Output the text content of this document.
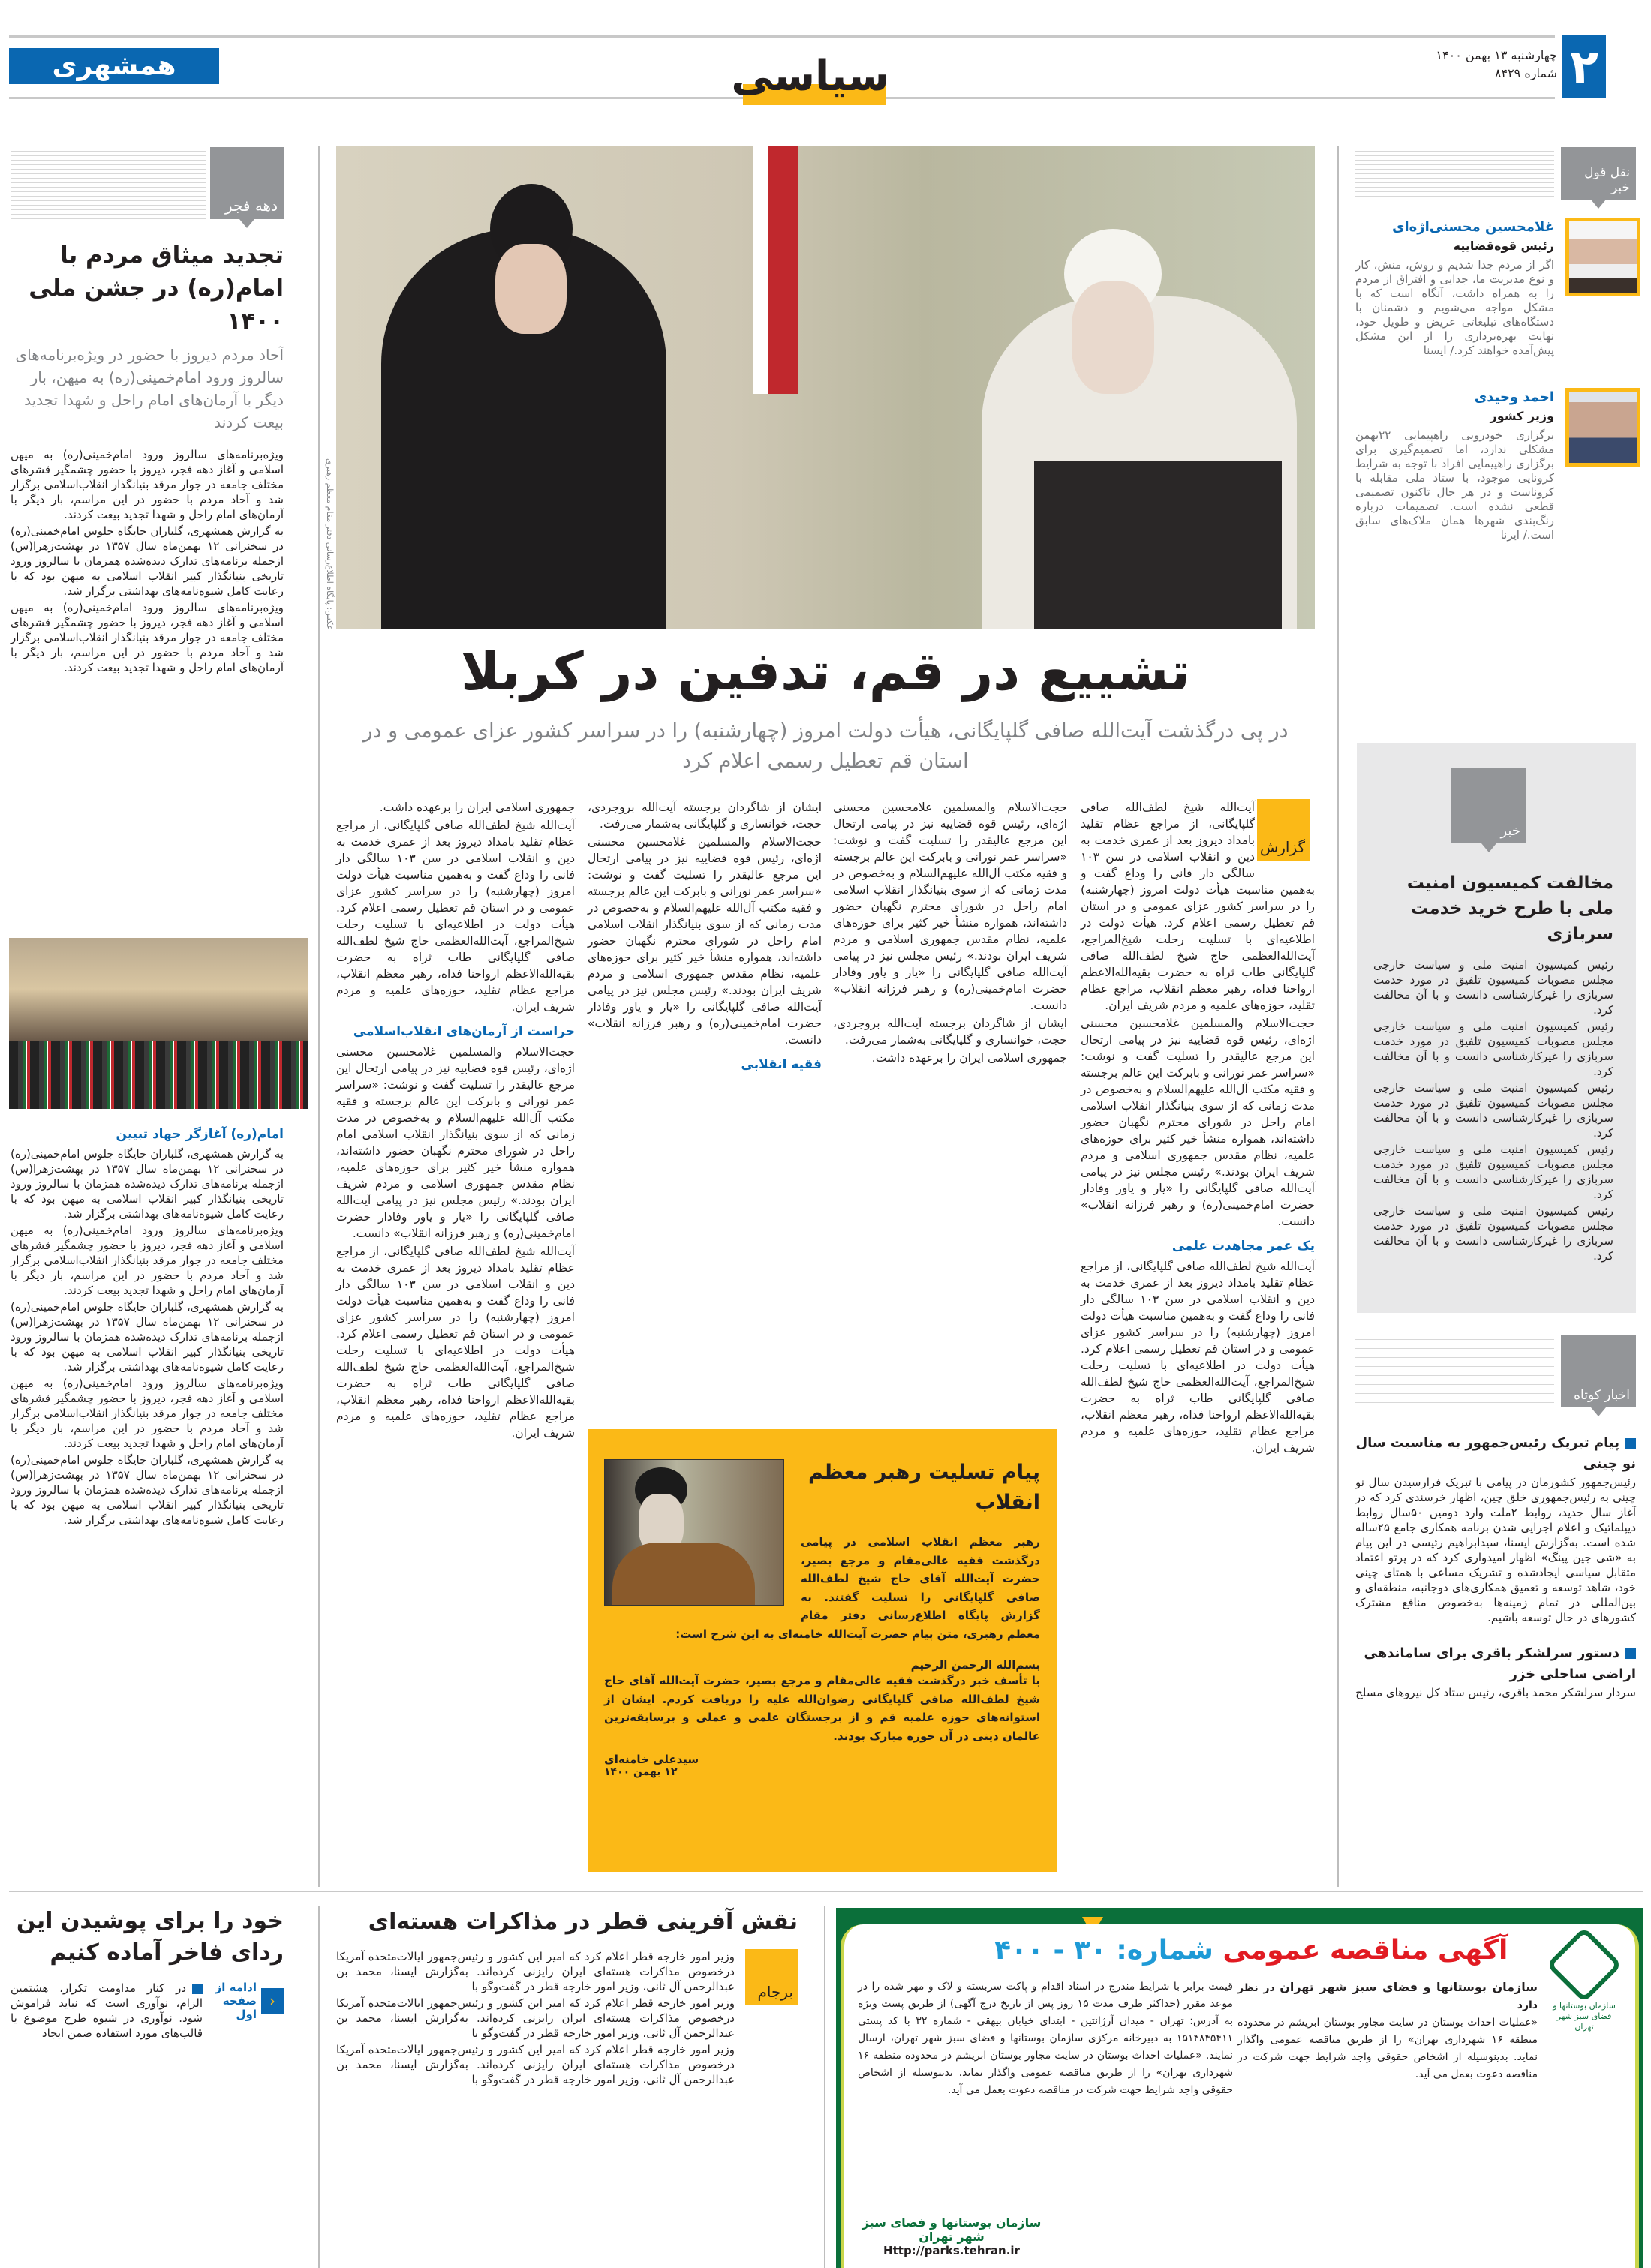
۲
چهارشنبه ۱۳ بهمن ۱۴۰۰
شماره ۸۴۲۹
سیاسی
همشهری
دهه فجر
تجدید میثاق مردم با امام(ره) در جشن ملی ۱۴۰۰
آحاد مردم دیروز با حضور در ویژه‌برنامه‌های سالروز ورود امام‌خمینی(ره) به میهن، بار دیگر با آرمان‌های امام راحل و شهدا تجدید بیعت کردند

ویژه‌برنامه‌های سالروز ورود امام‌خمینی(ره) به میهن اسلامی و آغاز دهه فجر، دیروز با حضور چشمگیر قشرهای مختلف جامعه در جوار مرقد بنیانگذار انقلاب‌اسلامی برگزار شد و آحاد مردم با حضور در این مراسم، بار دیگر با آرمان‌های امام راحل و شهدا تجدید بیعت کردند.

به گزارش همشهری، گلباران جایگاه جلوس امام‌خمینی(ره) در سخنرانی ۱۲ بهمن‌ماه سال ۱۳۵۷ در بهشت‌زهرا(س) ازجمله برنامه‌های تدارک دیده‌شده همزمان با سالروز ورود تاریخی بنیانگذار کبیر انقلاب اسلامی به میهن بود که با رعایت کامل شیوه‌نامه‌های بهداشتی برگزار شد.

ویژه‌برنامه‌های سالروز ورود امام‌خمینی(ره) به میهن اسلامی و آغاز دهه فجر، دیروز با حضور چشمگیر قشرهای مختلف جامعه در جوار مرقد بنیانگذار انقلاب‌اسلامی برگزار شد و آحاد مردم با حضور در این مراسم، بار دیگر با آرمان‌های امام راحل و شهدا تجدید بیعت کردند.

امام(ره) آغازگر جهاد تبیین

به گزارش همشهری، گلباران جایگاه جلوس امام‌خمینی(ره) در سخنرانی ۱۲ بهمن‌ماه سال ۱۳۵۷ در بهشت‌زهرا(س) ازجمله برنامه‌های تدارک دیده‌شده همزمان با سالروز ورود تاریخی بنیانگذار کبیر انقلاب اسلامی به میهن بود که با رعایت کامل شیوه‌نامه‌های بهداشتی برگزار شد.

ویژه‌برنامه‌های سالروز ورود امام‌خمینی(ره) به میهن اسلامی و آغاز دهه فجر، دیروز با حضور چشمگیر قشرهای مختلف جامعه در جوار مرقد بنیانگذار انقلاب‌اسلامی برگزار شد و آحاد مردم با حضور در این مراسم، بار دیگر با آرمان‌های امام راحل و شهدا تجدید بیعت کردند.

به گزارش همشهری، گلباران جایگاه جلوس امام‌خمینی(ره) در سخنرانی ۱۲ بهمن‌ماه سال ۱۳۵۷ در بهشت‌زهرا(س) ازجمله برنامه‌های تدارک دیده‌شده همزمان با سالروز ورود تاریخی بنیانگذار کبیر انقلاب اسلامی به میهن بود که با رعایت کامل شیوه‌نامه‌های بهداشتی برگزار شد.

ویژه‌برنامه‌های سالروز ورود امام‌خمینی(ره) به میهن اسلامی و آغاز دهه فجر، دیروز با حضور چشمگیر قشرهای مختلف جامعه در جوار مرقد بنیانگذار انقلاب‌اسلامی برگزار شد و آحاد مردم با حضور در این مراسم، بار دیگر با آرمان‌های امام راحل و شهدا تجدید بیعت کردند.

به گزارش همشهری، گلباران جایگاه جلوس امام‌خمینی(ره) در سخنرانی ۱۲ بهمن‌ماه سال ۱۳۵۷ در بهشت‌زهرا(س) ازجمله برنامه‌های تدارک دیده‌شده همزمان با سالروز ورود تاریخی بنیانگذار کبیر انقلاب اسلامی به میهن بود که با رعایت کامل شیوه‌نامه‌های بهداشتی برگزار شد.

خود را برای پوشیدن این ردای فاخر آماده کنیم
‹
ادامه از صفحه اول
در کنار مداومت تکرار، هشتمین الزام، نوآوری است که نباید فراموش شود. نوآوری در شیوه طرح موضوع یا قالب‌های مورد استفاده ضمن ایجاد
عکس: پایگاه اطلاع‌رسانی دفتر مقام معظم رهبری
تشییع در قم، تدفین در کربلا
در پی درگذشت آیت‌الله صافی گلپایگانی، هیأت دولت امروز (چهارشنبه) را در سراسر کشور عزای عمومی و در استان قم تعطیل رسمی اعلام کرد
گزارش

آیت‌الله شیخ لطف‌الله صافی گلپایگانی، از مراجع عظام تقلید بامداد دیروز بعد از عمری خدمت به دین و انقلاب اسلامی در سن ۱۰۳ سالگی دار فانی را وداع گفت و به‌همین مناسبت هیأت دولت امروز (چهارشنبه) را در سراسر کشور عزای عمومی و در استان قم تعطیل رسمی اعلام کرد. هیأت دولت در اطلاعیه‌ای با تسلیت رحلت شیخ‌المراجع، آیت‌الله‌العظمی حاج شیخ لطف‌الله صافی گلپایگانی طاب ثراه به حضرت بقیه‌الله‌الاعظم ارواحنا فداه، رهبر معظم انقلاب، مراجع عظام تقلید، حوزه‌های علمیه و مردم شریف ایران.

حجت‌الاسلام والمسلمین غلامحسین محسنی اژه‌ای، رئیس قوه قضاییه نیز در پیامی ارتحال این مرجع عالیقدر را تسلیت گفت و نوشت: «سراسر عمر نورانی و بابرکت این عالم برجسته و فقیه مکتب آل‌الله علیهم‌السلام و به‌خصوص در مدت زمانی که از سوی بنیانگذار انقلاب اسلامی امام راحل در شورای محترم نگهبان حضور داشته‌اند، همواره منشأ خیر کثیر برای حوزه‌های علمیه، نظام مقدس جمهوری اسلامی و مردم شریف ایران بودند.» رئیس مجلس نیز در پیامی آیت‌الله صافی گلپایگانی را «یار و یاور وفادار حضرت امام‌خمینی(ره) و رهبر فرزانه انقلاب» دانست.

یک عمر مجاهدت علمی

آیت‌الله شیخ لطف‌الله صافی گلپایگانی، از مراجع عظام تقلید بامداد دیروز بعد از عمری خدمت به دین و انقلاب اسلامی در سن ۱۰۳ سالگی دار فانی را وداع گفت و به‌همین مناسبت هیأت دولت امروز (چهارشنبه) را در سراسر کشور عزای عمومی و در استان قم تعطیل رسمی اعلام کرد. هیأت دولت در اطلاعیه‌ای با تسلیت رحلت شیخ‌المراجع، آیت‌الله‌العظمی حاج شیخ لطف‌الله صافی گلپایگانی طاب ثراه به حضرت بقیه‌الله‌الاعظم ارواحنا فداه، رهبر معظم انقلاب، مراجع عظام تقلید، حوزه‌های علمیه و مردم شریف ایران.

حجت‌الاسلام والمسلمین غلامحسین محسنی اژه‌ای، رئیس قوه قضاییه نیز در پیامی ارتحال این مرجع عالیقدر را تسلیت گفت و نوشت: «سراسر عمر نورانی و بابرکت این عالم برجسته و فقیه مکتب آل‌الله علیهم‌السلام و به‌خصوص در مدت زمانی که از سوی بنیانگذار انقلاب اسلامی امام راحل در شورای محترم نگهبان حضور داشته‌اند، همواره منشأ خیر کثیر برای حوزه‌های علمیه، نظام مقدس جمهوری اسلامی و مردم شریف ایران بودند.» رئیس مجلس نیز در پیامی آیت‌الله صافی گلپایگانی را «یار و یاور وفادار حضرت امام‌خمینی(ره) و رهبر فرزانه انقلاب» دانست.

ایشان از شاگردان برجسته آیت‌الله بروجردی، حجت، خوانساری و گلپایگانی به‌شمار می‌رفت.

جمهوری اسلامی ایران را برعهده داشت.

ایشان از شاگردان برجسته آیت‌الله بروجردی، حجت، خوانساری و گلپایگانی به‌شمار می‌رفت.

حجت‌الاسلام والمسلمین غلامحسین محسنی اژه‌ای، رئیس قوه قضاییه نیز در پیامی ارتحال این مرجع عالیقدر را تسلیت گفت و نوشت: «سراسر عمر نورانی و بابرکت این عالم برجسته و فقیه مکتب آل‌الله علیهم‌السلام و به‌خصوص در مدت زمانی که از سوی بنیانگذار انقلاب اسلامی امام راحل در شورای محترم نگهبان حضور داشته‌اند، همواره منشأ خیر کثیر برای حوزه‌های علمیه، نظام مقدس جمهوری اسلامی و مردم شریف ایران بودند.» رئیس مجلس نیز در پیامی آیت‌الله صافی گلپایگانی را «یار و یاور وفادار حضرت امام‌خمینی(ره) و رهبر فرزانه انقلاب» دانست.

فقیه انقلابی

جمهوری اسلامی ایران را برعهده داشت.

آیت‌الله شیخ لطف‌الله صافی گلپایگانی، از مراجع عظام تقلید بامداد دیروز بعد از عمری خدمت به دین و انقلاب اسلامی در سن ۱۰۳ سالگی دار فانی را وداع گفت و به‌همین مناسبت هیأت دولت امروز (چهارشنبه) را در سراسر کشور عزای عمومی و در استان قم تعطیل رسمی اعلام کرد. هیأت دولت در اطلاعیه‌ای با تسلیت رحلت شیخ‌المراجع، آیت‌الله‌العظمی حاج شیخ لطف‌الله صافی گلپایگانی طاب ثراه به حضرت بقیه‌الله‌الاعظم ارواحنا فداه، رهبر معظم انقلاب، مراجع عظام تقلید، حوزه‌های علمیه و مردم شریف ایران.

حراست از آرمان‌های انقلاب‌اسلامی

حجت‌الاسلام والمسلمین غلامحسین محسنی اژه‌ای، رئیس قوه قضاییه نیز در پیامی ارتحال این مرجع عالیقدر را تسلیت گفت و نوشت: «سراسر عمر نورانی و بابرکت این عالم برجسته و فقیه مکتب آل‌الله علیهم‌السلام و به‌خصوص در مدت زمانی که از سوی بنیانگذار انقلاب اسلامی امام راحل در شورای محترم نگهبان حضور داشته‌اند، همواره منشأ خیر کثیر برای حوزه‌های علمیه، نظام مقدس جمهوری اسلامی و مردم شریف ایران بودند.» رئیس مجلس نیز در پیامی آیت‌الله صافی گلپایگانی را «یار و یاور وفادار حضرت امام‌خمینی(ره) و رهبر فرزانه انقلاب» دانست.

آیت‌الله شیخ لطف‌الله صافی گلپایگانی، از مراجع عظام تقلید بامداد دیروز بعد از عمری خدمت به دین و انقلاب اسلامی در سن ۱۰۳ سالگی دار فانی را وداع گفت و به‌همین مناسبت هیأت دولت امروز (چهارشنبه) را در سراسر کشور عزای عمومی و در استان قم تعطیل رسمی اعلام کرد. هیأت دولت در اطلاعیه‌ای با تسلیت رحلت شیخ‌المراجع، آیت‌الله‌العظمی حاج شیخ لطف‌الله صافی گلپایگانی طاب ثراه به حضرت بقیه‌الله‌الاعظم ارواحنا فداه، رهبر معظم انقلاب، مراجع عظام تقلید، حوزه‌های علمیه و مردم شریف ایران.

پیام تسلیت رهبر معظم انقلاب
رهبر معظم انقلاب اسلامی در پیامی درگذشت فقیه عالی‌مقام و مرجع بصیر، حضرت آیت‌الله آقای حاج شیخ لطف‌الله صافی گلپایگانی را تسلیت گفتند. به گزارش پایگاه اطلاع‌رسانی دفتر مقام معظم رهبری، متن پیام حضرت آیت‌الله خامنه‌ای به این شرح است:
بسم‌الله الرحمن الرحیم
با تأسف خبر درگذشت فقیه عالی‌مقام و مرجع بصیر، حضرت آیت‌الله آقای حاج شیخ لطف‌الله صافی گلپایگانی رضوان‌الله علیه را دریافت کردم. ایشان از استوانه‌های حوزه علمیه قم و از برجستگان علمی و عملی و برسابقه‌ترین عالمان دینی در آن حوزه مبارک بودند.
سیدعلی خامنه‌ای
۱۲ بهمن ۱۴۰۰
نقش آفرینی قطر در مذاکرات هسته‌ای
برجام

وزیر امور خارجه قطر اعلام کرد که امیر این کشور و رئیس‌جمهور ایالات‌متحده آمریکا درخصوص مذاکرات هسته‌ای ایران رایزنی کرده‌اند. به‌گزارش ایسنا، محمد بن عبدالرحمن آل ثانی، وزیر امور خارجه قطر در گفت‌وگو با

وزیر امور خارجه قطر اعلام کرد که امیر این کشور و رئیس‌جمهور ایالات‌متحده آمریکا درخصوص مذاکرات هسته‌ای ایران رایزنی کرده‌اند. به‌گزارش ایسنا، محمد بن عبدالرحمن آل ثانی، وزیر امور خارجه قطر در گفت‌وگو با

وزیر امور خارجه قطر اعلام کرد که امیر این کشور و رئیس‌جمهور ایالات‌متحده آمریکا درخصوص مذاکرات هسته‌ای ایران رایزنی کرده‌اند. به‌گزارش ایسنا، محمد بن عبدالرحمن آل ثانی، وزیر امور خارجه قطر در گفت‌وگو با

نقل قول خبر
غلامحسین محسنی‌اژه‌ای
رئیس قوه‌قضاییه
اگر از مردم جدا شدیم و روش، منش، کار و نوع مدیریت ما، جدایی و افتراق از مردم را به همراه داشت، آنگاه است که با مشکل مواجه می‌شویم و دشمنان با دستگاه‌های تبلیغاتی عریض و طویل خود، نهایت بهره‌برداری را از این مشکل پیش‌آمده خواهند کرد./ ایسنا
احمد وحیدی
وزیر کشور
برگزاری خودرویی راهپیمایی ۲۲بهمن مشکلی ندارد، اما تصمیم‌گیری برای برگزاری راهپیمایی افراد با توجه به شرایط کرونایی موجود، با ستاد ملی مقابله با کروناست و در هر حال تاکنون تصمیمی قطعی نشده است. تصمیمات درباره رنگ‌بندی شهرها همان ملاک‌های سابق است./ ایرنا
خبر
مخالفت کمیسیون امنیت ملی با طرح خرید خدمت سربازی

رئیس کمیسیون امنیت ملی و سیاست خارجی مجلس مصوبات کمیسیون تلفیق در مورد خدمت سربازی را غیرکارشناسی دانست و با آن مخالفت کرد.

رئیس کمیسیون امنیت ملی و سیاست خارجی مجلس مصوبات کمیسیون تلفیق در مورد خدمت سربازی را غیرکارشناسی دانست و با آن مخالفت کرد.

رئیس کمیسیون امنیت ملی و سیاست خارجی مجلس مصوبات کمیسیون تلفیق در مورد خدمت سربازی را غیرکارشناسی دانست و با آن مخالفت کرد.

رئیس کمیسیون امنیت ملی و سیاست خارجی مجلس مصوبات کمیسیون تلفیق در مورد خدمت سربازی را غیرکارشناسی دانست و با آن مخالفت کرد.

رئیس کمیسیون امنیت ملی و سیاست خارجی مجلس مصوبات کمیسیون تلفیق در مورد خدمت سربازی را غیرکارشناسی دانست و با آن مخالفت کرد.

اخبار کوتاه
پیام تبریک رئیس‌جمهور به مناسبت سال نو چینی
رئیس‌جمهور کشورمان در پیامی با تبریک فرارسیدن سال نو چینی به رئیس‌جمهوری خلق چین، اظهار خرسندی کرد که در آغاز سال جدید، روابط ۲ملت وارد دومین ۵۰سال روابط دیپلماتیک و اعلام اجرایی شدن برنامه همکاری جامع ۲۵ساله شده است. به‌گزارش ایسنا، سیدابراهیم رئیسی در این پیام به «شی جین پینگ» اظهار امیدواری کرد که در پرتو اعتماد متقابل سیاسی ایجادشده و تشریک مساعی با همتای چینی خود، شاهد توسعه و تعمیق همکاری‌های دوجانبه، منطقه‌ای و بین‌المللی در تمام زمینه‌ها به‌خصوص منافع مشترک کشورهای در حال توسعه باشیم.
دستور سرلشکر باقری برای ساماندهی اراضی ساحلی خزر
سردار سرلشکر محمد باقری، رئیس ستاد کل نیروهای مسلح
سازمان بوستانها و فضای سبز شهر تهران
آگهی مناقصه عمومی شماره: ۳۰ - ۴۰۰
سازمان بوستانها و فضای سبز شهر تهران در نظر دارد
«عملیات احداث بوستان در سایت مجاور بوستان ابریشم در محدوده منطقه ۱۶ شهرداری تهران» را از طریق مناقصه عمومی واگذار نماید. بدینوسیله از اشخاص حقوقی واجد شرایط جهت شرکت در مناقصه دعوت بعمل می آید.
قیمت برابر با شرایط مندرج در اسناد اقدام و پاکت سربسته و لاک و مهر شده را در موعد مقرر (حداکثر ظرف مدت ۱۵ روز پس از تاریخ درج آگهی) از طریق پست ویژه به آدرس: تهران - میدان آرژانتین - ابتدای خیابان بیهقی - شماره ۳۲ با کد پستی ۱۵۱۴۸۴۵۴۱۱ به دبیرخانه مرکزی سازمان بوستانها و فضای سبز شهر تهران، ارسال نمایند. «عملیات احداث بوستان در سایت مجاور بوستان ابریشم در محدوده منطقه ۱۶ شهرداری تهران» را از طریق مناقصه عمومی واگذار نماید. بدینوسیله از اشخاص حقوقی واجد شرایط جهت شرکت در مناقصه دعوت بعمل می آید.
سازمان بوستانها و فضای سبز شهر تهران
Http://parks.tehran.ir
